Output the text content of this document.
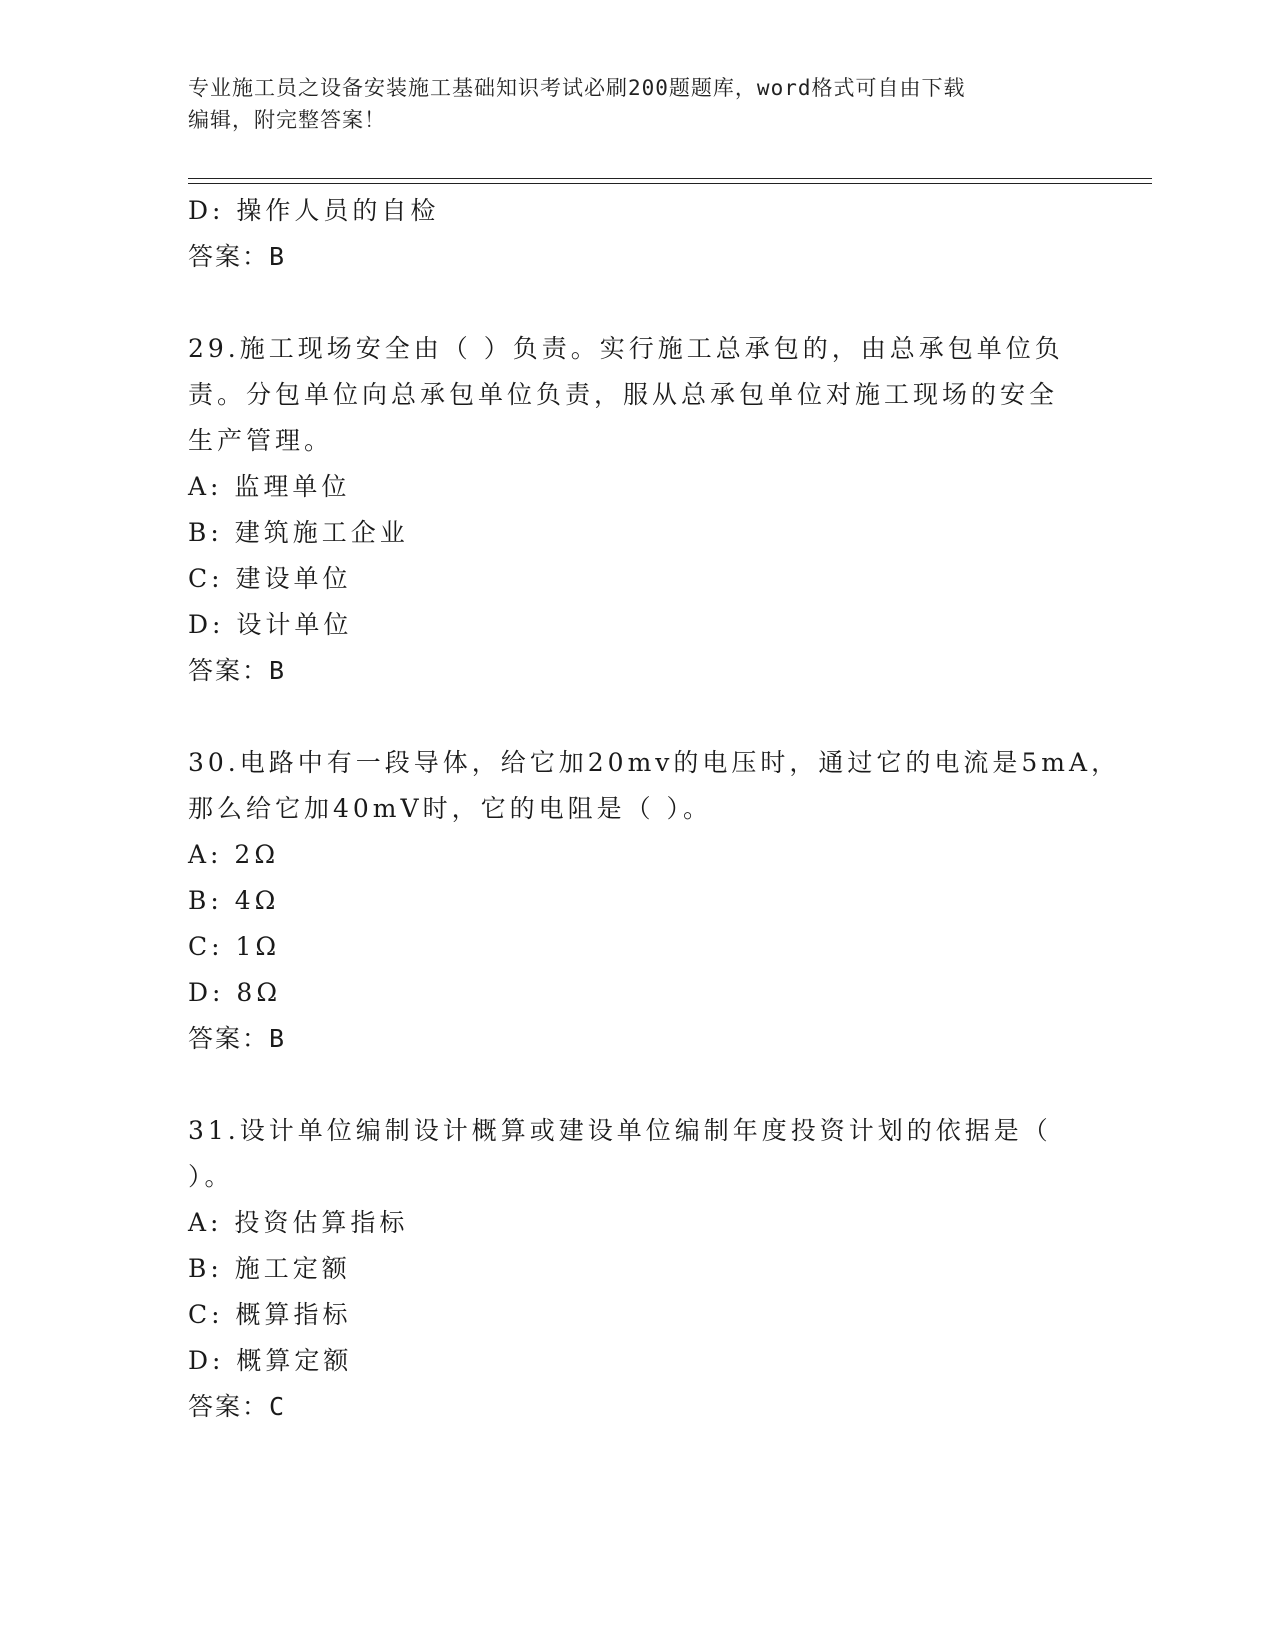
专业施工员之设备安装施工基础知识考试必刷200题题库，word格式可自由下载
编辑，附完整答案！
D: 操作人员的自检
答案：B
29.施工现场安全由（ ）负责。实行施工总承包的，由总承包单位负
责。分包单位向总承包单位负责，服从总承包单位对施工现场的安全
生产管理。
A: 监理单位
B: 建筑施工企业
C: 建设单位
D: 设计单位
答案：B
30.电路中有一段导体，给它加20mv的电压时，通过它的电流是5mA，
那么给它加40mV时，它的电阻是（ ）。
A: 2Ω
B: 4Ω
C: 1Ω
D: 8Ω
答案：B
31.设计单位编制设计概算或建设单位编制年度投资计划的依据是（
）。
A: 投资估算指标
B: 施工定额
C: 概算指标
D: 概算定额
答案：C
